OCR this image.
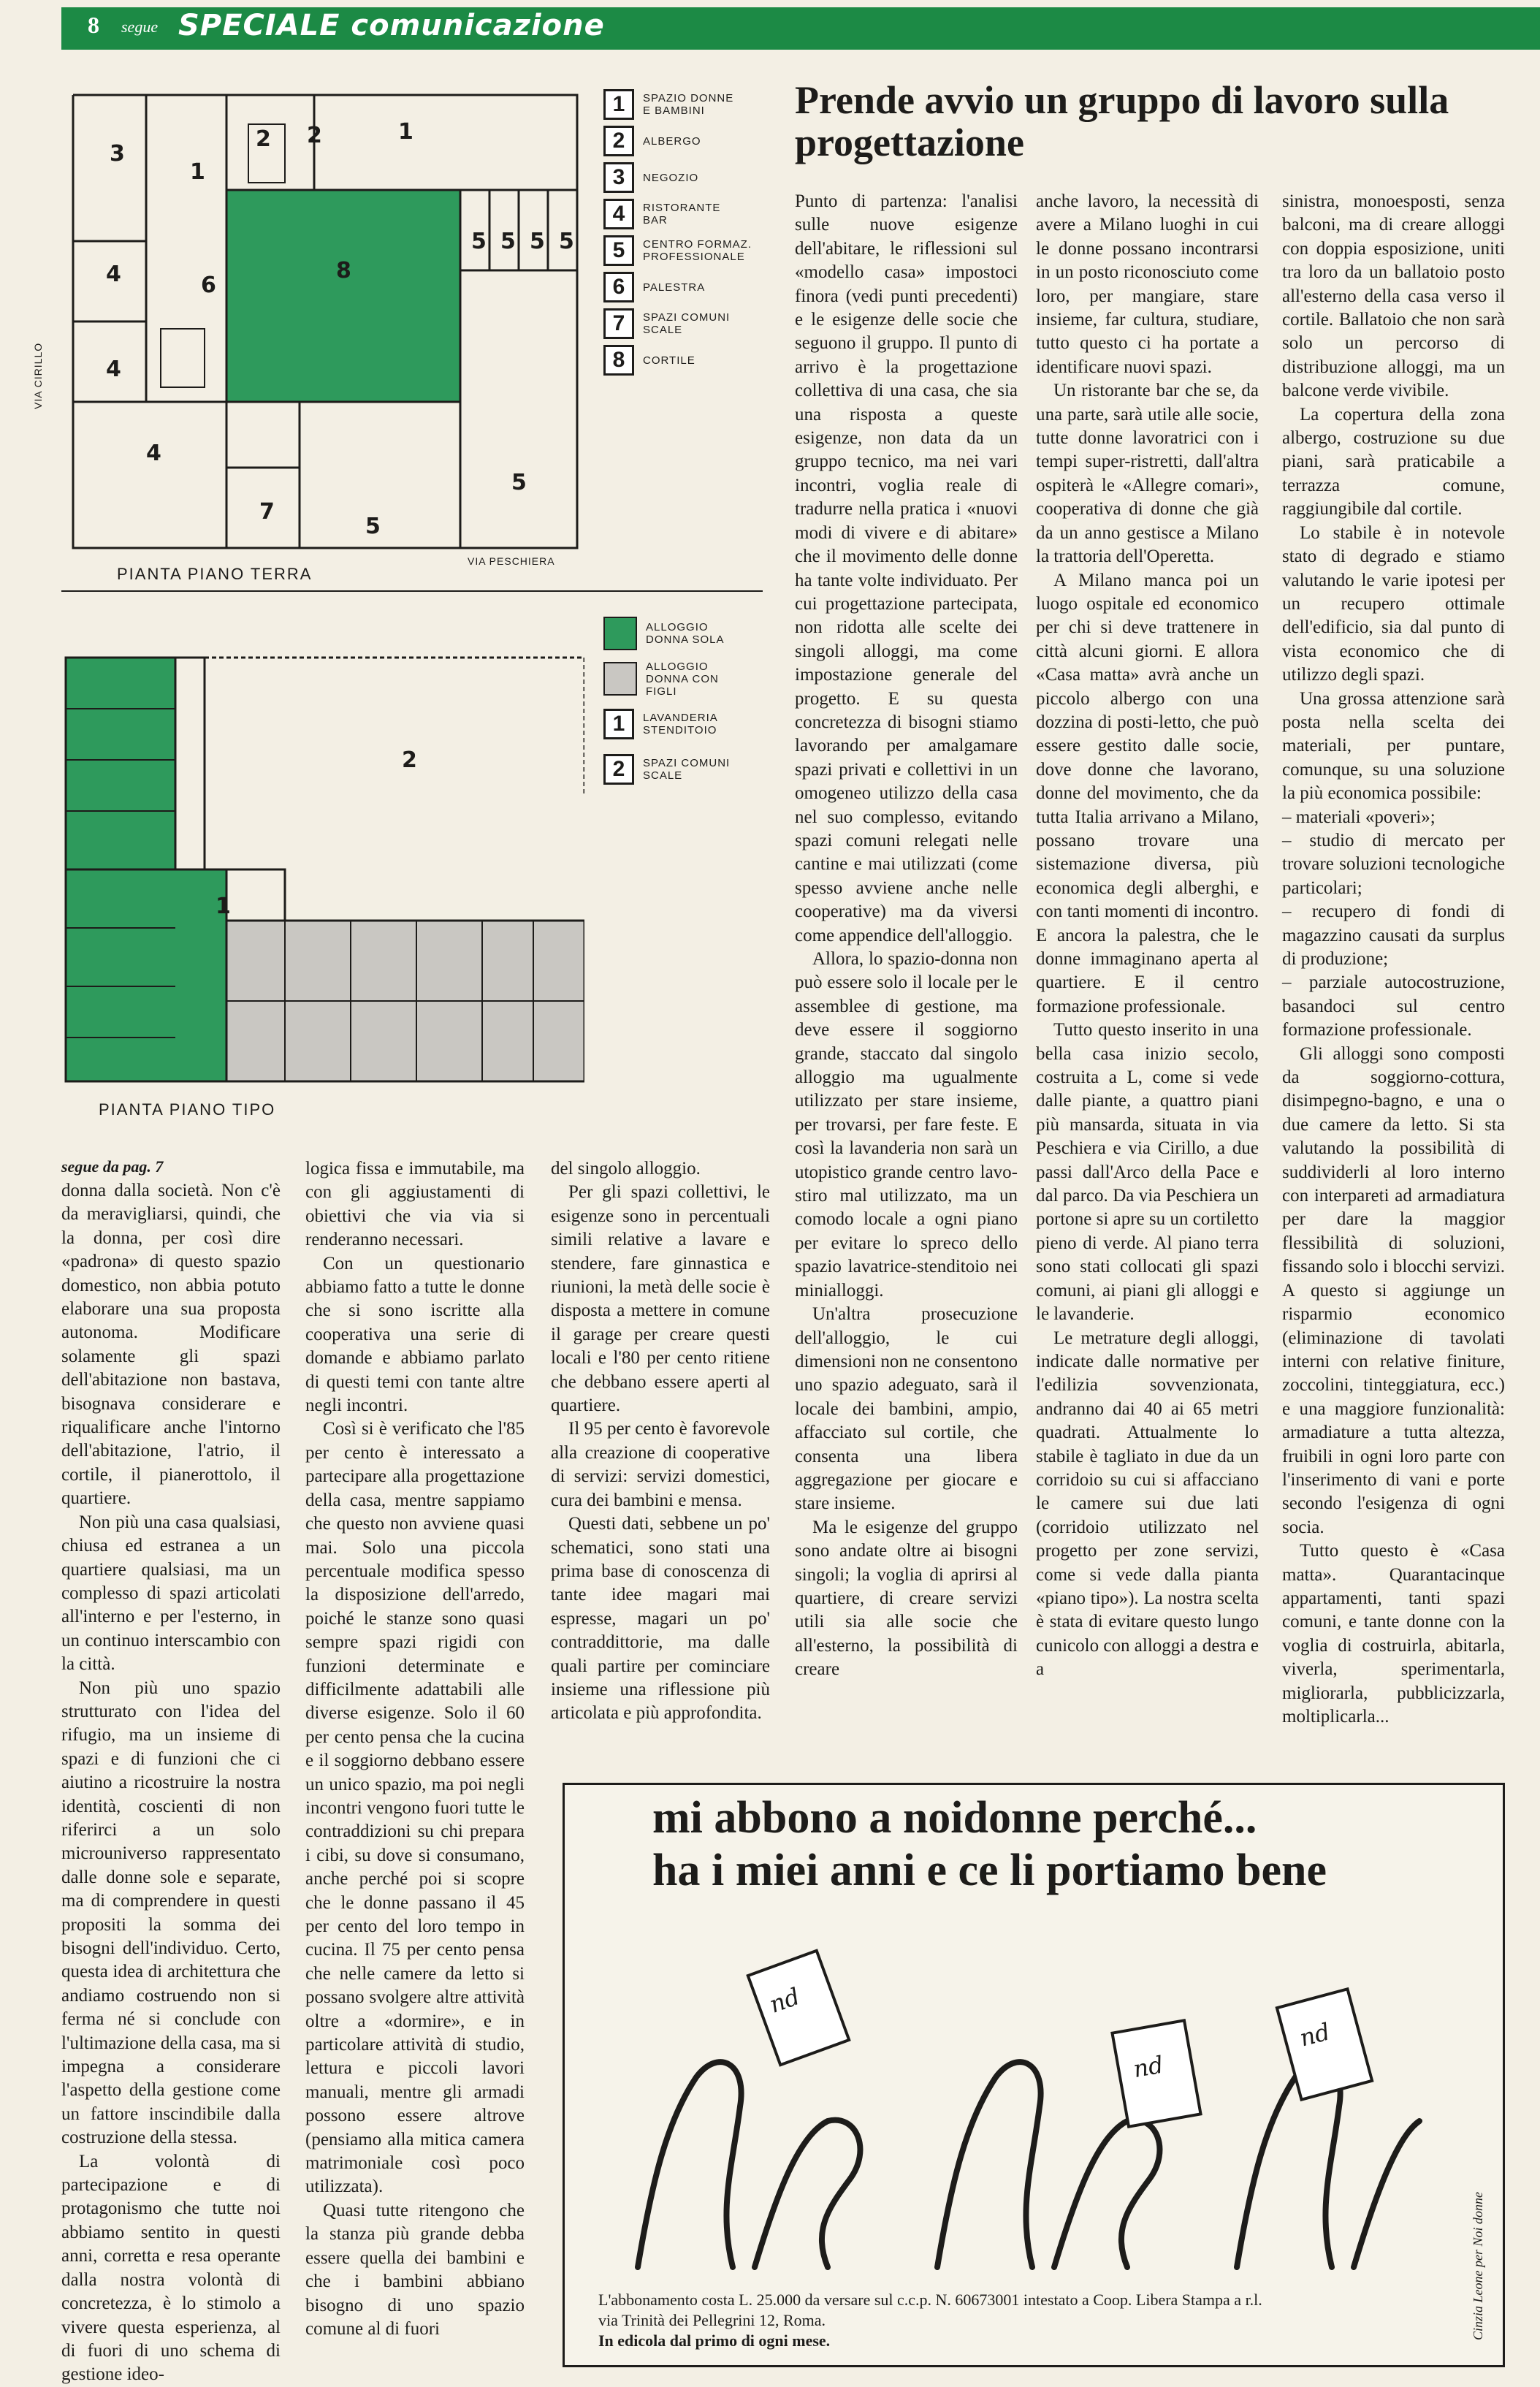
8 segue SPECIALE comunicazione
3
1
2 2	1
4	6
8
4
5 5 5 5
4
7
5
5
PIANTA PIANO TERRA
VIA PESCHIERA
VIA CIRILLO
2
1
PIANTA PIANO TIPO
1	SPAZIO DONNE E BAMBINI
2	ALBERGO
3	NEGOZIO
4	RISTORANTE BAR
5	CENTRO FORMAZ. PROFESSIONALE
6	PALESTRA
7	SPAZI COMUNI SCALE
8	CORTILE
ALLOGGIO DONNA SOLA
ALLOGGIO DONNA CON FIGLI
1	LAVANDERIA STENDITOIO
2	SPAZI COMUNI SCALE
Prende avvio un gruppo di lavoro sulla progettazione

Punto di partenza: l'analisi sulle nuove esigenze dell'abitare, le riflessioni sul «modello casa» impostoci finora (vedi punti precedenti) e le esigenze delle socie che seguono il gruppo. Il punto di arrivo è la progettazione collettiva di una casa, che sia una risposta a queste esigenze, non data da un gruppo tecnico, ma nei vari incontri, voglia reale di tradurre nella pratica i «nuovi modi di vivere e di abitare» che il movimento delle donne ha tante volte individuato. Per cui progettazione partecipata, non ridotta alle scelte dei singoli alloggi, ma come impostazione generale del progetto. E su questa concretezza di bisogni stiamo lavorando per amalgamare spazi privati e collettivi in un omogeneo utilizzo della casa nel suo complesso, evitando spazi comuni relegati nelle cantine e mai utilizzati (come spesso avviene anche nelle cooperative) ma da viversi come appendice dell'alloggio.

Allora, lo spazio-donna non può essere solo il locale per le assemblee di gestione, ma deve essere il soggiorno grande, staccato dal singolo alloggio ma ugualmente utilizzato per stare insieme, per trovarsi, per fare feste. E così la lavanderia non sarà un utopistico grande centro lavo-stiro mal utilizzato, ma un comodo locale a ogni piano per evitare lo spreco dello spazio lavatrice-stenditoio nei minialloggi.

Un'altra prosecuzione dell'alloggio, le cui dimensioni non ne consentono uno spazio adeguato, sarà il locale dei bambini, ampio, affacciato sul cortile, che consenta una libera aggregazione per giocare e stare insieme.

Ma le esigenze del gruppo sono andate oltre ai bisogni singoli; la voglia di aprirsi al quartiere, di creare servizi utili sia alle socie che all'esterno, la possibilità di creare

anche lavoro, la necessità di avere a Milano luoghi in cui le donne possano incontrarsi in un posto riconosciuto come loro, per mangiare, stare insieme, far cultura, studiare, tutto questo ci ha portate a identificare nuovi spazi.

Un ristorante bar che se, da una parte, sarà utile alle socie, tutte donne lavoratrici con i tempi super-ristretti, dall'altra ospiterà le «Allegre comari», cooperativa di donne che già da un anno gestisce a Milano la trattoria dell'Operetta.

A Milano manca poi un luogo ospitale ed economico per chi si deve trattenere in città alcuni giorni. E allora «Casa matta» avrà anche un piccolo albergo con una dozzina di posti-letto, che può essere gestito dalle socie, dove donne che lavorano, donne del movimento, che da tutta Italia arrivano a Milano, possano trovare una sistemazione diversa, più economica degli alberghi, e con tanti momenti di incontro. E ancora la palestra, che le donne immaginano aperta al quartiere. E il centro formazione professionale.

Tutto questo inserito in una bella casa inizio secolo, costruita a L, come si vede dalle piante, a quattro piani più mansarda, situata in via Peschiera e via Cirillo, a due passi dall'Arco della Pace e dal parco. Da via Peschiera un portone si apre su un cortiletto pieno di verde. Al piano terra sono stati collocati gli spazi comuni, ai piani gli alloggi e le lavanderie.

Le metrature degli alloggi, indicate dalle normative per l'edilizia sovvenzionata, andranno dai 40 ai 65 metri quadrati. Attualmente lo stabile è tagliato in due da un corridoio su cui si affacciano le camere sui due lati (corridoio utilizzato nel progetto per zone servizi, come si vede dalla pianta «piano tipo»). La nostra scelta è stata di evitare questo lungo cunicolo con alloggi a destra e a

sinistra, monoesposti, senza balconi, ma di creare alloggi con doppia esposizione, uniti tra loro da un ballatoio posto all'esterno della casa verso il cortile. Ballatoio che non sarà solo un percorso di distribuzione alloggi, ma un balcone verde vivibile.

La copertura della zona albergo, costruzione su due piani, sarà praticabile a terrazza comune, raggiungibile dal cortile.

Lo stabile è in notevole stato di degrado e stiamo valutando le varie ipotesi per un recupero ottimale dell'edificio, sia dal punto di vista economico che di utilizzo degli spazi.

Una grossa attenzione sarà posta nella scelta dei materiali, per puntare, comunque, su una soluzione la più economica possibile:

– materiali «poveri»;

– studio di mercato per trovare soluzioni tecnologiche particolari;

– recupero di fondi di magazzino causati da surplus di produzione;

– parziale autocostruzione, basandoci sul centro formazione professionale.

Gli alloggi sono composti da soggiorno-cottura, disimpegno-bagno, e una o due camere da letto. Si sta valutando la possibilità di suddividerli al loro interno con interpareti ad armadiatura per dare la maggior flessibilità di soluzioni, fissando solo i blocchi servizi. A questo si aggiunge un risparmio economico (eliminazione di tavolati interni con relative finiture, zoccolini, tinteggiatura, ecc.) e una maggiore funzionalità: armadiature a tutta altezza, fruibili in ogni loro parte con l'inserimento di vani e porte secondo l'esigenza di ogni socia.

Tutto questo è «Casa matta». Quarantacinque appartamenti, tanti spazi comuni, e tante donne con la voglia di costruirla, abitarla, viverla, sperimentarla, migliorarla, pubblicizzarla, moltiplicarla...

segue da pag. 7

donna dalla società. Non c'è da meravigliarsi, quindi, che la donna, per così dire «padrona» di questo spazio domestico, non abbia potuto elaborare una sua proposta autonoma. Modificare solamente gli spazi dell'abitazione non bastava, bisognava considerare e riqualificare anche l'intorno dell'abitazione, l'atrio, il cortile, il pianerottolo, il quartiere.

Non più una casa qualsiasi, chiusa ed estranea a un quartiere qualsiasi, ma un complesso di spazi articolati all'interno e per l'esterno, in un continuo interscambio con la città.

Non più uno spazio strutturato con l'idea del rifugio, ma un insieme di spazi e di funzioni che ci aiutino a ricostruire la nostra identità, coscienti di non riferirci a un solo microuniverso rappresentato dalle donne sole e separate, ma di comprendere in questi propositi la somma dei bisogni dell'individuo. Certo, questa idea di architettura che andiamo costruendo non si ferma né si conclude con l'ultimazione della casa, ma si impegna a considerare l'aspetto della gestione come un fattore inscindibile dalla costruzione della stessa.

La volontà di partecipazione e di protagonismo che tutte noi abbiamo sentito in questi anni, corretta e resa operante dalla nostra volontà di concretezza, è lo stimolo a vivere questa esperienza, al di fuori di uno schema di gestione ideo-

logica fissa e immutabile, ma con gli aggiustamenti di obiettivi che via via si renderanno necessari.

Con un questionario abbiamo fatto a tutte le donne che si sono iscritte alla cooperativa una serie di domande e abbiamo parlato di questi temi con tante altre negli incontri.

Così si è verificato che l'85 per cento è interessato a partecipare alla progettazione della casa, mentre sappiamo che questo non avviene quasi mai. Solo una piccola percentuale modifica spesso la disposizione dell'arredo, poiché le stanze sono quasi sempre spazi rigidi con funzioni determinate e difficilmente adattabili alle diverse esigenze. Solo il 60 per cento pensa che la cucina e il soggiorno debbano essere un unico spazio, ma poi negli incontri vengono fuori tutte le contraddizioni su chi prepara i cibi, su dove si consumano, anche perché poi si scopre che le donne passano il 45 per cento del loro tempo in cucina. Il 75 per cento pensa che nelle camere da letto si possano svolgere altre attività oltre a «dormire», e in particolare attività di studio, lettura e piccoli lavori manuali, mentre gli armadi possono essere altrove (pensiamo alla mitica camera matrimoniale così poco utilizzata).

Quasi tutte ritengono che la stanza più grande debba essere quella dei bambini e che i bambini abbiano bisogno di uno spazio comune al di fuori

del singolo alloggio.

Per gli spazi collettivi, le esigenze sono in percentuali simili relative a lavare e stendere, fare ginnastica e riunioni, la metà delle socie è disposta a mettere in comune il garage per creare questi locali e l'80 per cento ritiene che debbano essere aperti al quartiere.

Il 95 per cento è favorevole alla creazione di cooperative di servizi: servizi domestici, cura dei bambini e mensa.

Questi dati, sebbene un po' schematici, sono stati una prima base di conoscenza di tante idee magari mai espresse, magari un po' contraddittorie, ma dalle quali partire per cominciare insieme una riflessione più articolata e più approfondita.

mi abbono a noidonne perché...
ha i miei anni e ce li portiamo bene
nd
nd
nd
L'abbonamento costa L. 25.000 da versare sul c.c.p. N. 60673001 intestato a Coop. Libera Stampa a r.l.
via Trinità dei Pellegrini 12, Roma.
In edicola dal primo di ogni mese.
Cinzia Leone per Noi donne
